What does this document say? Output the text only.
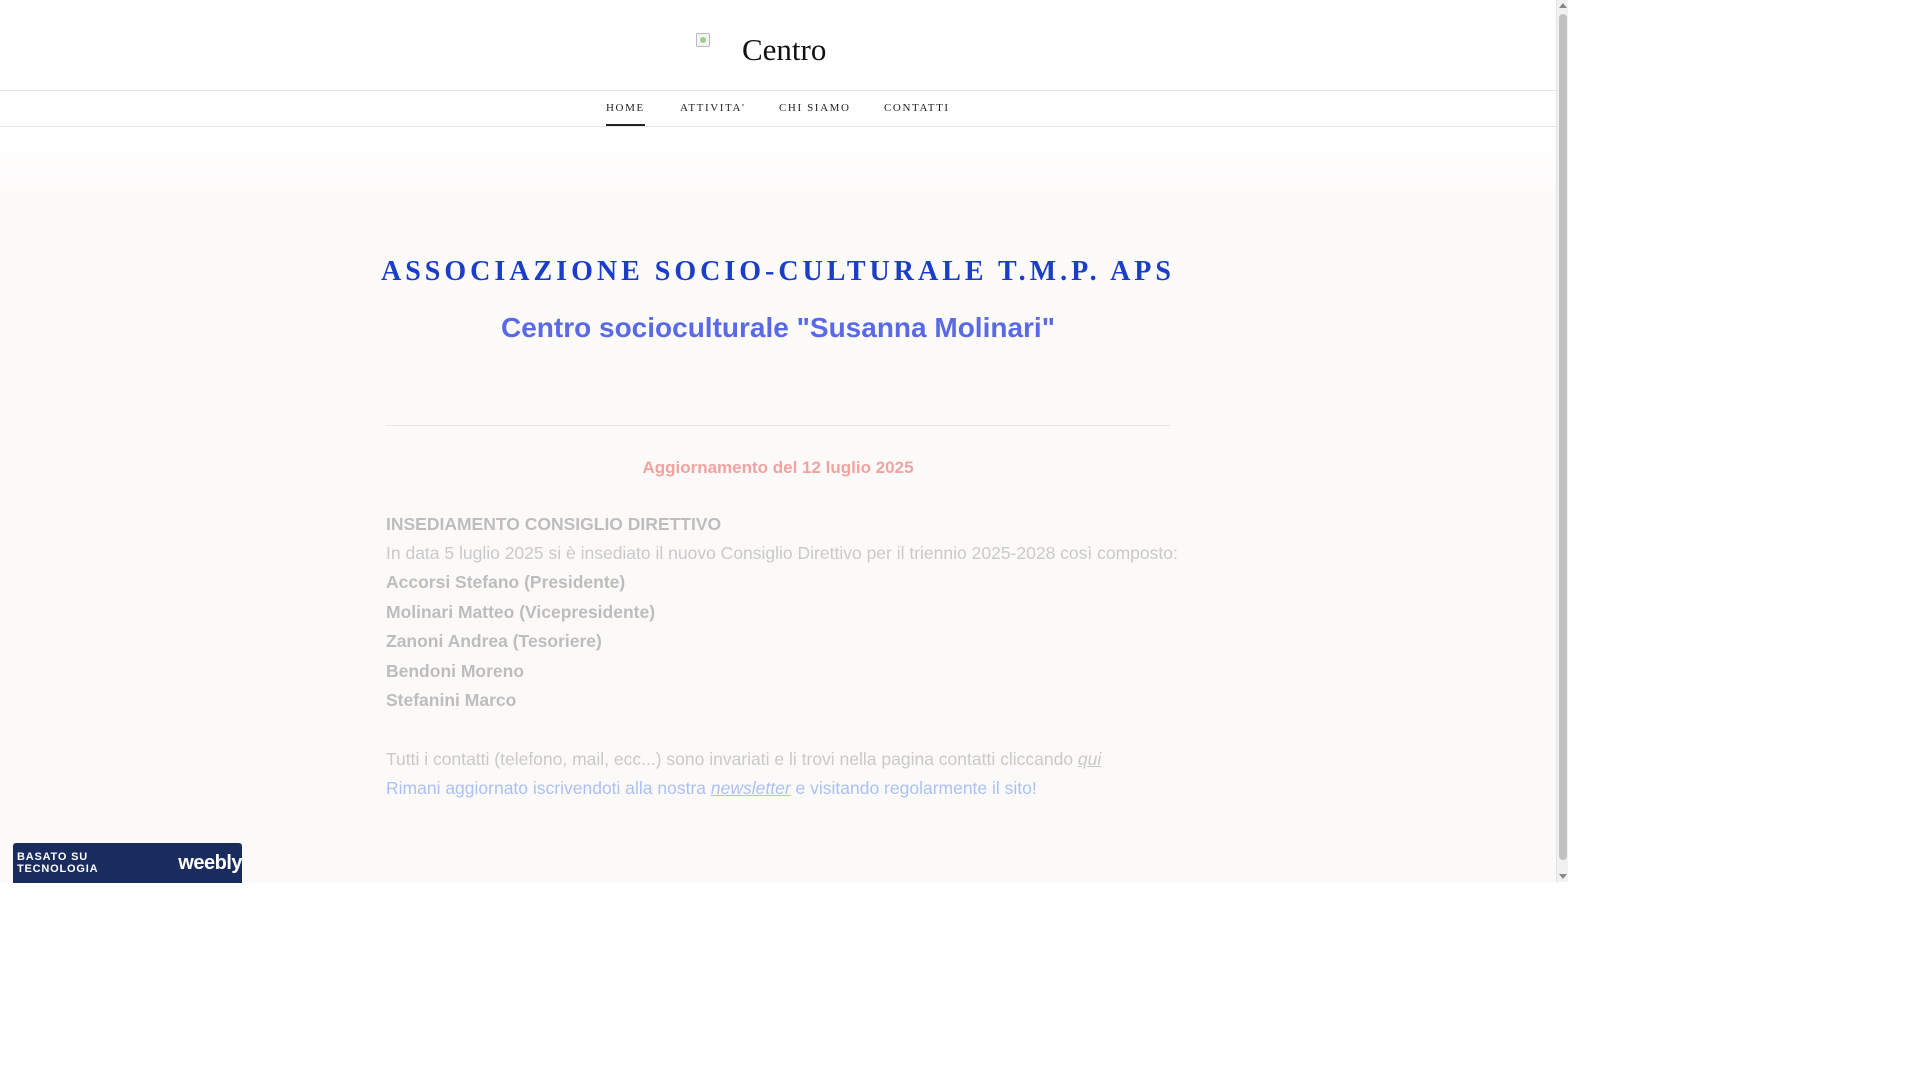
Centro
HOME	ATTIVITA'	CHI SIAMO	CONTATTI
ASSOCIAZIONE SOCIO-CULTURALE T.M.P. APS
Centro socioculturale "Susanna Molinari"
Aggiornamento del 12 luglio 2025
INSEDIAMENTO CONSIGLIO DIRETTIVO
In data 5 luglio 2025 si è insediato il nuovo Consiglio Direttivo per il triennio 2025-2028 così composto:
Accorsi Stefano (Presidente)
Molinari Matteo (Vicepresidente)
Zanoni Andrea (Tesoriere)
Bendoni Moreno
Stefanini Marco
Tutti i contatti (telefono, mail, ecc...) sono invariati e li trovi nella pagina contatti cliccando qui
Rimani aggiornato iscrivendoti alla nostra newsletter e visitando regolarmente il sito!
BASATO SU TECNOLOGIA	weebly
